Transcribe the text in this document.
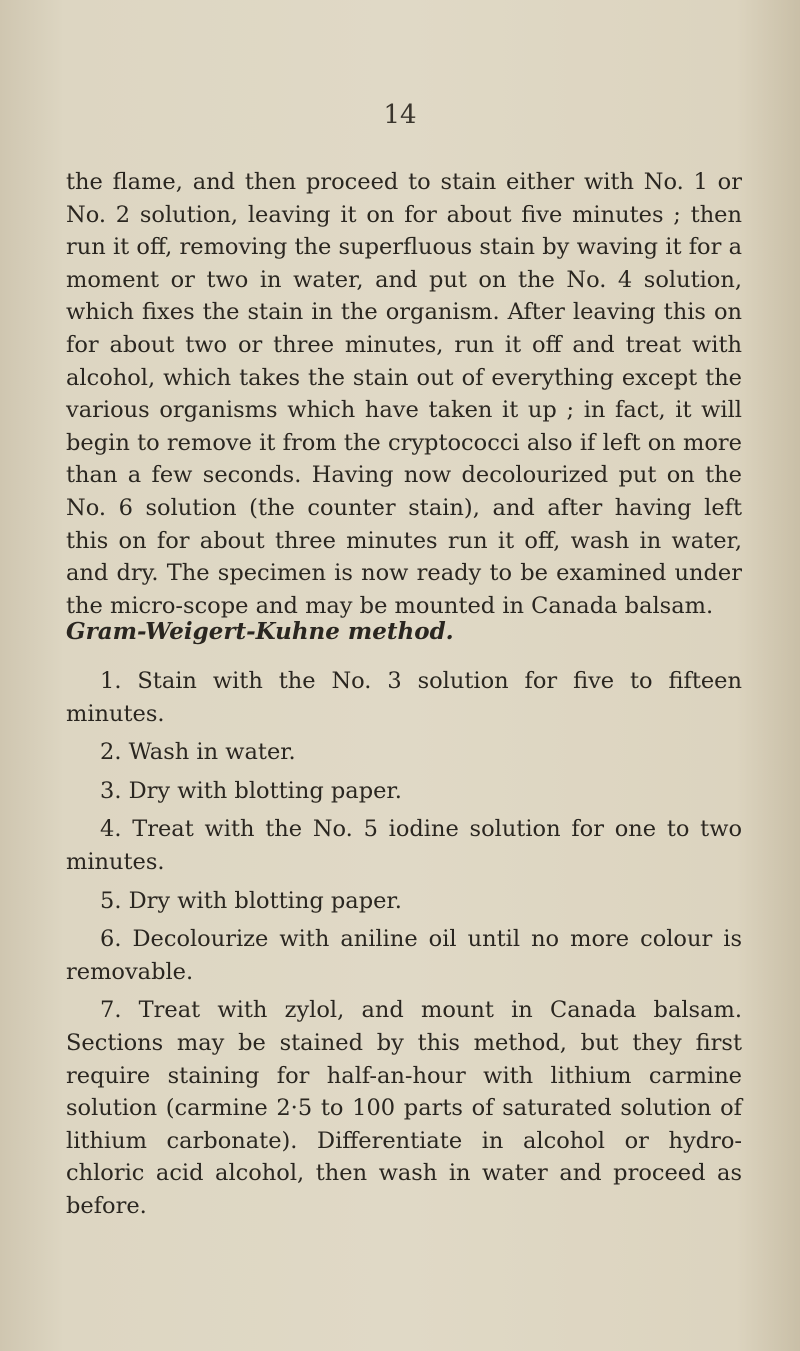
14

the flame, and then proceed to stain either with No. 1 or No. 2 solution, leaving it on for about five minutes ; then run it off, removing the superfluous stain by waving it for a moment or two in water, and put on the No. 4 solution, which fixes the stain in the organism. After leaving this on for about two or three minutes, run it off and treat with alcohol, which takes the stain out of everything except the various organisms which have taken it up ; in fact, it will begin to remove it from the cryptococci also if left on more than a few seconds. Having now decolourized put on the No. 6 solution (the counter stain), and after having left this on for about three minutes run it off, wash in water, and dry. The specimen is now ready to be examined under the micro-scope and may be mounted in Canada balsam.

Gram-Weigert-Kuhne method.

1. Stain with the No. 3 solution for five to fifteen minutes.

2. Wash in water.

3. Dry with blotting paper.

4. Treat with the No. 5 iodine solution for one to two minutes.

5. Dry with blotting paper.

6. Decolourize with aniline oil until no more colour is removable.

7. Treat with zylol, and mount in Canada balsam. Sections may be stained by this method, but they first require staining for half-an-hour with lithium carmine solution (carmine 2·5 to 100 parts of saturated solution of lithium carbonate). Differentiate in alcohol or hydro-chloric acid alcohol, then wash in water and proceed as before.
